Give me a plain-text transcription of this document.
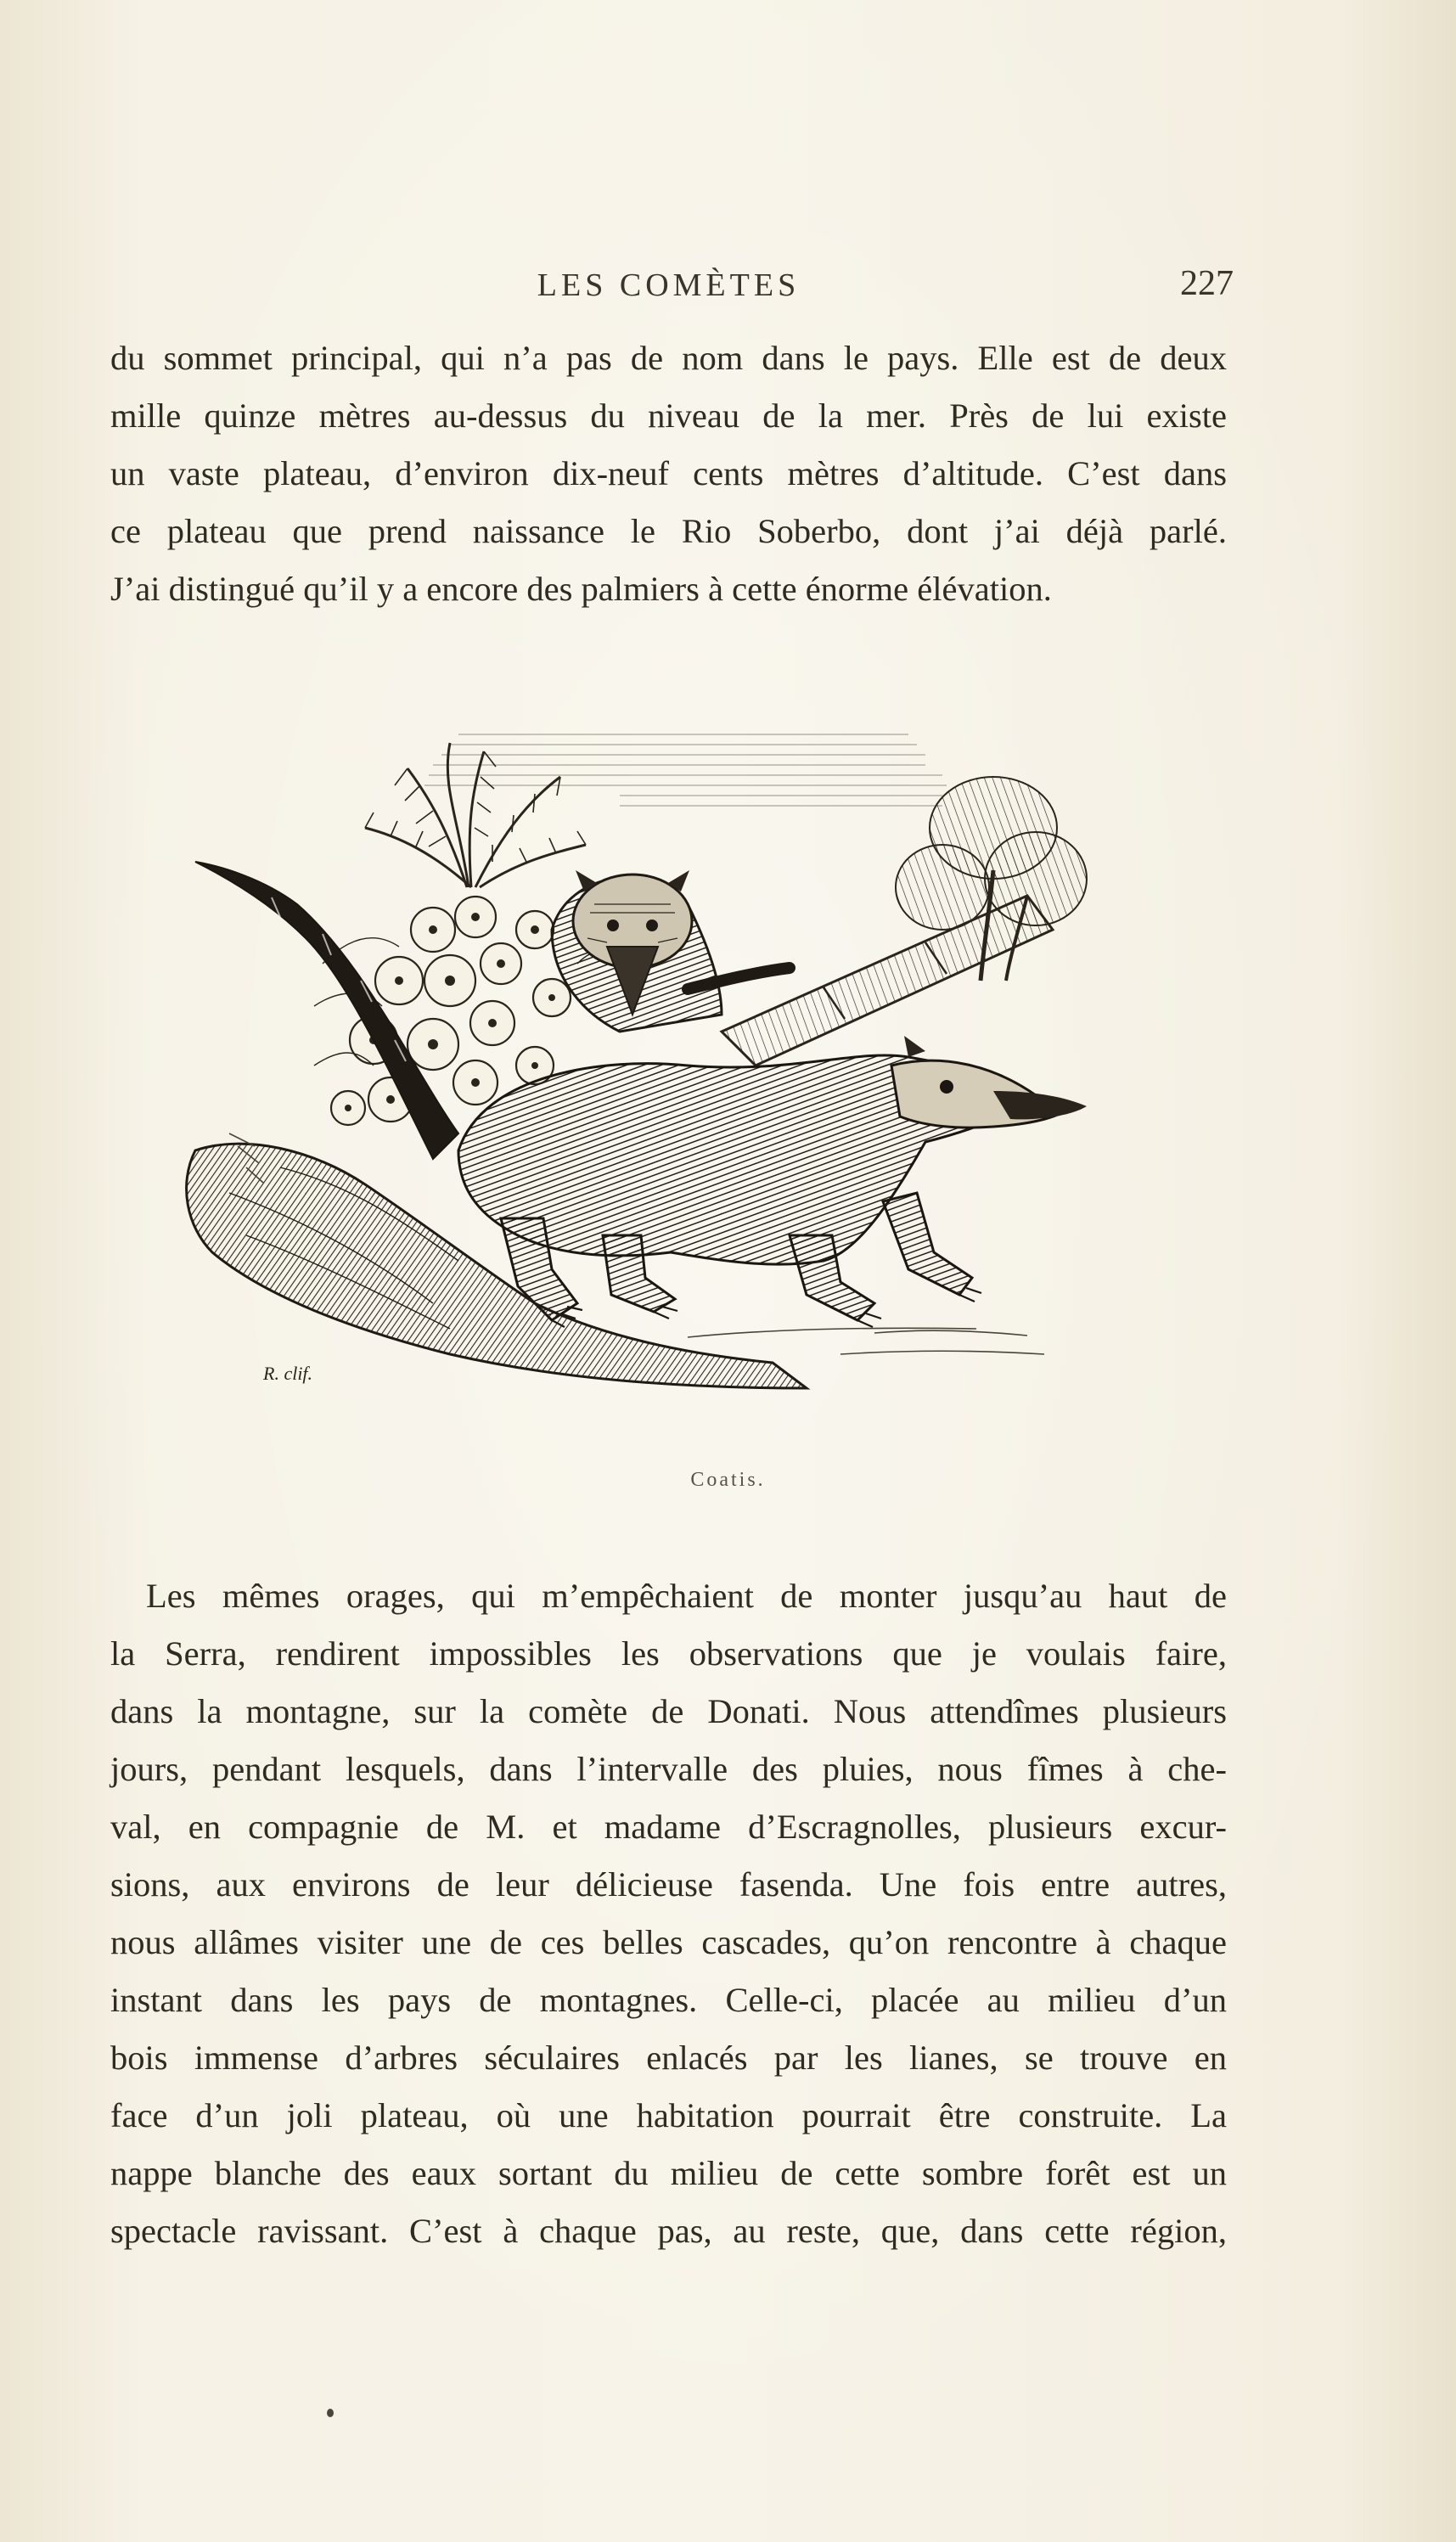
LES COMÈTES	227

du sommet principal, qui n’a pas de nom dans le pays. Elle est de deux
mille quinze mètres au-dessus du niveau de la mer. Près de lui existe
un vaste plateau, d’environ dix-neuf cents mètres d’altitude. C’est dans
ce plateau que prend naissance le Rio Soberbo, dont j’ai déjà parlé.
J’ai distingué qu’il y a encore des palmiers à cette énorme élévation.

R. clif.
Coatis.

Les mêmes orages, qui m’empêchaient de monter jusqu’au haut de
la Serra, rendirent impossibles les observations que je voulais faire,
dans la montagne, sur la comète de Donati. Nous attendîmes plusieurs
jours, pendant lesquels, dans l’intervalle des pluies, nous fîmes à che-
val, en compagnie de M. et madame d’Escragnolles, plusieurs excur-
sions, aux environs de leur délicieuse fasenda. Une fois entre autres,
nous allâmes visiter une de ces belles cascades, qu’on rencontre à chaque
instant dans les pays de montagnes. Celle-ci, placée au milieu d’un
bois immense d’arbres séculaires enlacés par les lianes, se trouve en
face d’un joli plateau, où une habitation pourrait être construite. La
nappe blanche des eaux sortant du milieu de cette sombre forêt est un
spectacle ravissant. C’est à chaque pas, au reste, que, dans cette région,
